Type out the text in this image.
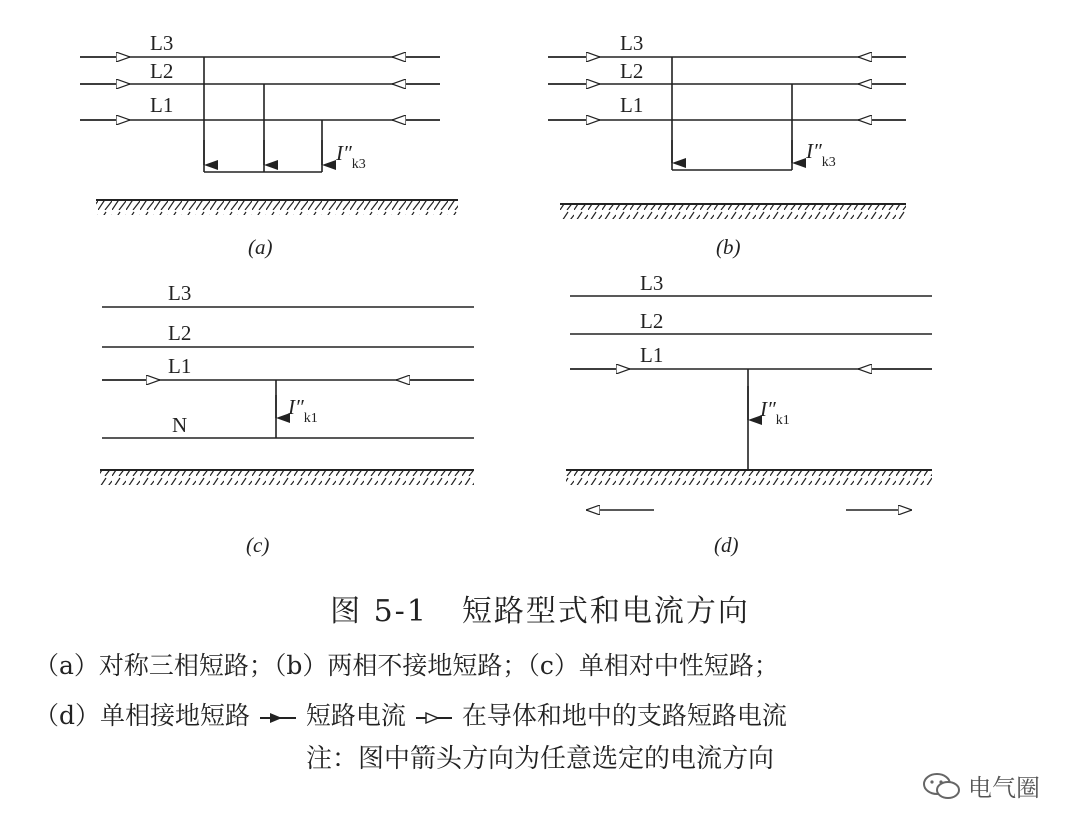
L3
L2
L1
I″k3
(a)
L3
L2
L1
I″k3
(b)
L3
L2
L1
N
I″k1
(c)
L3
L2
L1
I″k1
(d)
图 5-1 短路型式和电流方向
（a）对称三相短路；（b）两相不接地短路；（c）单相对中性短路；
（d）单相接地短路 短路电流 在导体和地中的支路短路电流
注：图中箭头方向为任意选定的电流方向
电气圈
